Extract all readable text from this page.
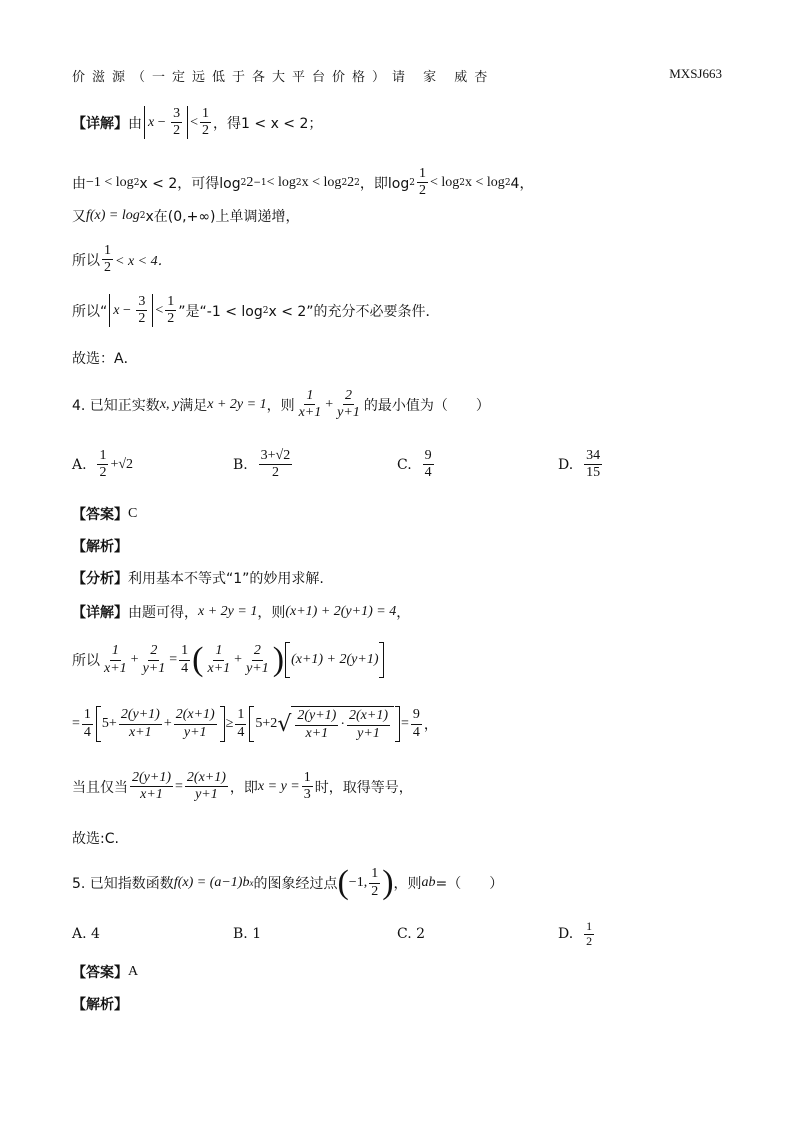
价滋源（一定远低于各大平台价格）请 家 威杏	MXSJ663
【详解】 由 $x - \frac{3}{2} < \frac{1}{2}$ ，得1 < x < 2；
由 −1 < log 2 x < 2，可得log 2 2 −1 < log 2 x < log 2 2 2 ，即$\log 2 \frac{1}{2} < \log 2$ x < log 2 4，
又 f(x) = log 2 x在(0,+∞)上单调递增，
所以 $\frac{1}{2} < x < 4$．
所以“ $x - \frac{3}{2} < \frac{1}{2}$ ”是“-1 < log 2 x < 2”的充分不必要条件．
故选：A．
4. 已知正实数 x, y 满足 x + 2y = 1 ，则 $\frac{1}{x+1} + \frac{2}{y+1}$ 的最小值为（　　）
A.
$\frac{1}{2} +√2$	B.
$\frac{3+√2}{2}$	C.
$\frac{9}{4}$	D.
$\frac{34}{15}$
【答案】 C
【解析】
【分析】 利用基本不等式“1”的妙用求解.
【详解】 由题可得， x + 2y = 1 ，则 (x+1) + 2(y+1) = 4 ，
所以 $\frac{1}{x+1} + \frac{2}{y+1} = \frac{1}{4}$ ( $\frac{1}{x+1} + \frac{2}{y+1}$ ) (x+1) + 2(y+1)
= $\frac{1}{4} 5+ \frac{2(y+1)}{x+1} + \frac{2(x+1)}{y+1} \ge \frac{1}{4} 5+2$ √ $\frac{2(y+1)}{x+1} \cdot \frac{2(x+1)}{y+1} = \frac{9}{4}$ ，
当且仅当 $\frac{2(y+1)}{x+1} = \frac{2(x+1)}{y+1}$ ，即 $x = y = \frac{1}{3}$ 时，取得等号，
故选:C.
5. 已知指数函数 f(x) = (a−1)b x 的图象经过点 ( −1, $\frac{1}{2}$ ) ，则 ab =（　　）
A. 4	B. 1	C. 2	D.
$\frac{1}{2}$
【答案】 A
【解析】
